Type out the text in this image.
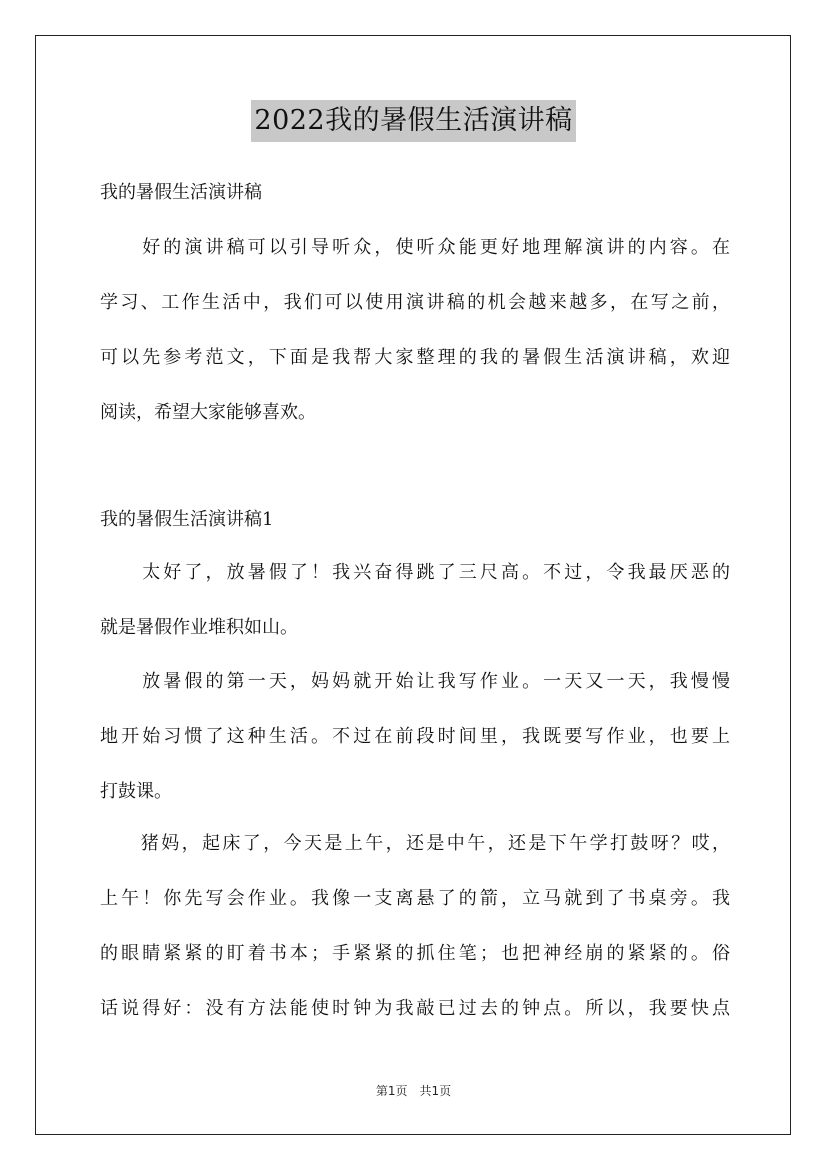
2022我的暑假生活演讲稿
我的暑假生活演讲稿
　　好的演讲稿可以引导听众，使听众能更好地理解演讲的内容。在
学习、工作生活中，我们可以使用演讲稿的机会越来越多，在写之前，
可以先参考范文，下面是我帮大家整理的我的暑假生活演讲稿，欢迎
阅读，希望大家能够喜欢。
我的暑假生活演讲稿1
　　太好了，放暑假了！我兴奋得跳了三尺高。不过，令我最厌恶的
就是暑假作业堆积如山。
　　放暑假的第一天，妈妈就开始让我写作业。一天又一天，我慢慢
地开始习惯了这种生活。不过在前段时间里，我既要写作业，也要上
打鼓课。
　　猪妈，起床了，今天是上午，还是中午，还是下午学打鼓呀？哎，
上午！你先写会作业。我像一支离悬了的箭，立马就到了书桌旁。我
的眼睛紧紧的盯着书本；手紧紧的抓住笔；也把神经崩的紧紧的。俗
话说得好：没有方法能使时钟为我敲已过去的钟点。所以，我要快点
第1页　共1页
